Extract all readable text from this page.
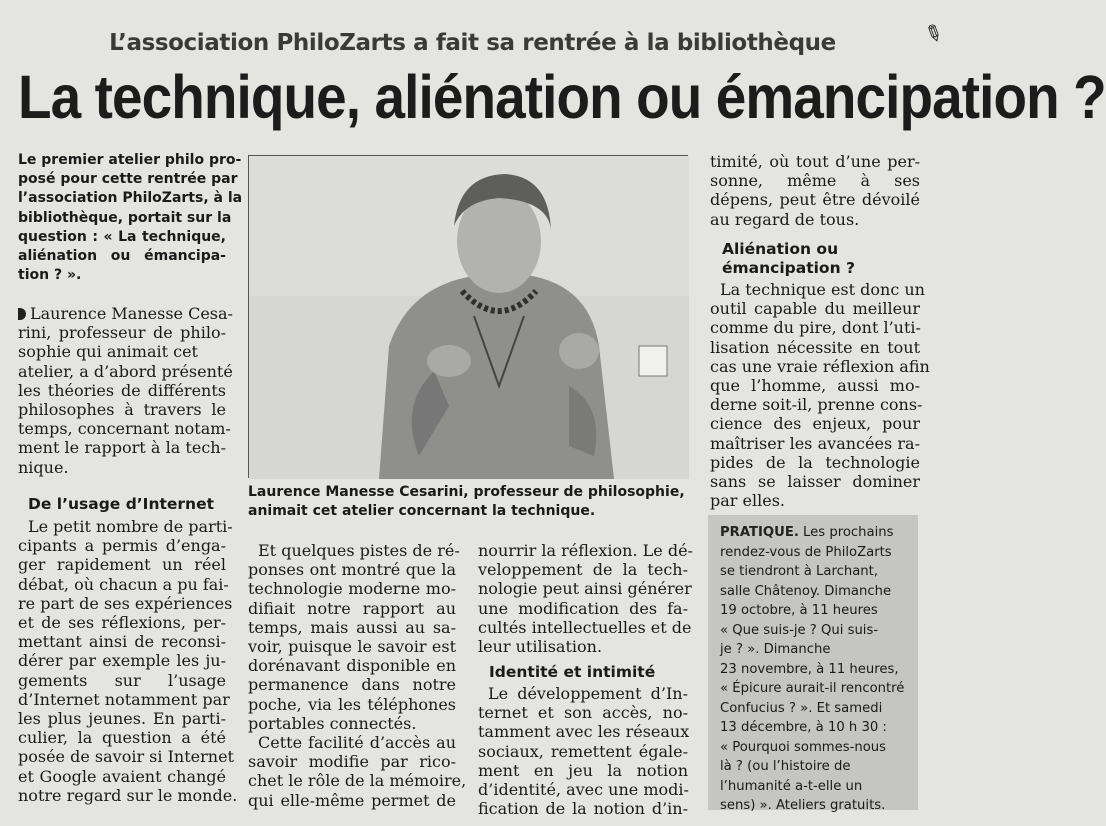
L’association PhiloZarts a fait sa rentrée à la bibliothèque
La technique, aliénation ou émancipation ?
✎
Le premier atelier philo pro-
posé pour cette rentrée par
l’association PhiloZarts, à la
bibliothèque, portait sur la
question : « La technique,
aliénation ou émancipa-
tion ? ».
Laurence Manesse Cesa-
rini, professeur de philo-
sophie qui animait cet
atelier, a d’abord présenté
les théories de différents
philosophes à travers le
temps, concernant notam-
ment le rapport à la tech-
nique.
De l’usage d’Internet
Le petit nombre de parti-
cipants a permis d’enga-
ger rapidement un réel
débat, où chacun a pu fai-
re part de ses expériences
et de ses réflexions, per-
mettant ainsi de reconsi-
dérer par exemple les ju-
gements sur l’usage
d’Internet notamment par
les plus jeunes. En parti-
culier, la question a été
posée de savoir si Internet
et Google avaient changé
notre regard sur le monde.
Laurence Manesse Cesarini, professeur de philosophie,
animait cet atelier concernant la technique.
Et quelques pistes de ré-
ponses ont montré que la
technologie moderne mo-
difiait notre rapport au
temps, mais aussi au sa-
voir, puisque le savoir est
dorénavant disponible en
permanence dans notre
poche, via les téléphones
portables connectés.
Cette facilité d’accès au
savoir modifie par rico-
chet le rôle de la mémoire,
qui elle-même permet de
nourrir la réflexion. Le dé-
veloppement de la tech-
nologie peut ainsi générer
une modification des fa-
cultés intellectuelles et de
leur utilisation.
Identité et intimité
Le développement d’In-
ternet et son accès, no-
tamment avec les réseaux
sociaux, remettent égale-
ment en jeu la notion
d’identité, avec une modi-
fication de la notion d’in-
timité, où tout d’une per-
sonne, même à ses
dépens, peut être dévoilé
au regard de tous.
Aliénation ou
émancipation ?
La technique est donc un
outil capable du meilleur
comme du pire, dont l’uti-
lisation nécessite en tout
cas une vraie réflexion afin
que l’homme, aussi mo-
derne soit-il, prenne cons-
cience des enjeux, pour
maîtriser les avancées ra-
pides de la technologie
sans se laisser dominer
par elles.
PRATIQUE. Les prochains
rendez-vous de PhiloZarts
se tiendront à Larchant,
salle Châtenoy. Dimanche
19 octobre, à 11 heures
« Que suis-je ? Qui suis-
je ? ». Dimanche
23 novembre, à 11 heures,
« Épicure aurait-il rencontré
Confucius ? ». Et samedi
13 décembre, à 10 h 30 :
« Pourquoi sommes-nous
là ? (ou l’histoire de
l’humanité a-t-elle un
sens) ». Ateliers gratuits.
